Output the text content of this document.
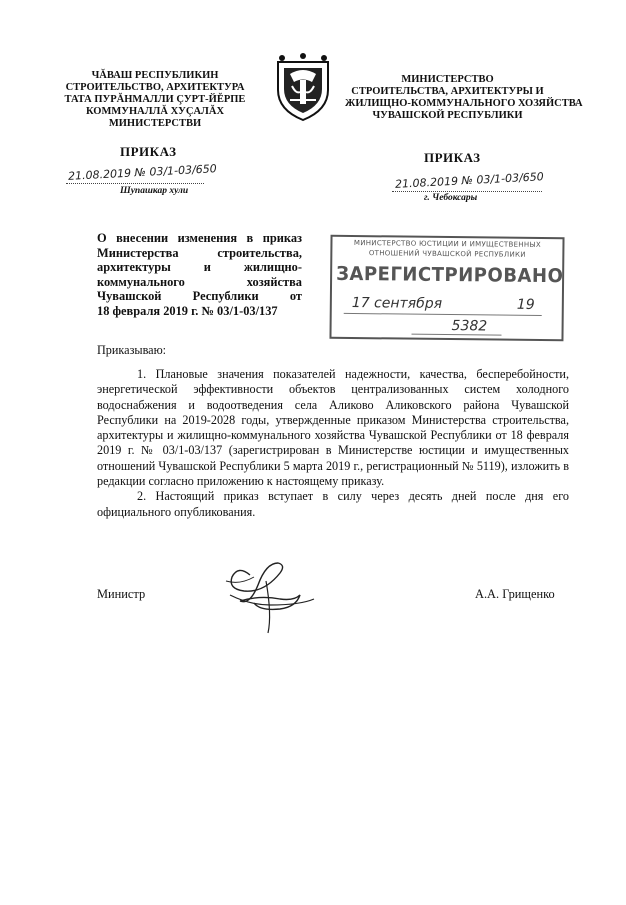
ЧĂВАШ РЕСПУБЛИКИН
СТРОИТЕЛЬСТВО, АРХИТЕКТУРА
ТАТА ПУРĂНМАЛЛИ ÇУРТ-ЙĔРПЕ
КОММУНАЛЛĂ ХУÇАЛĂХ
МИНИСТЕРСТВИ
МИНИСТЕРСТВО
СТРОИТЕЛЬСТВА, АРХИТЕКТУРЫ И
ЖИЛИЩНО-КОММУНАЛЬНОГО ХОЗЯЙСТВА
ЧУВАШСКОЙ РЕСПУБЛИКИ
ПРИКАЗ	ПРИКАЗ
21.08.2019 № 03/1-03/650	21.08.2019 № 03/1-03/650
Шупашкар хули
г. Чебоксары
О внесении изменения в приказ
Министерства строительства,
архитектуры и жилищно-
коммунального хозяйства
Чувашской Республики от
18 февраля 2019 г. № 03/1-03/137
МИНИСТЕРСТВО ЮСТИЦИИ И ИМУЩЕСТВЕННЫХ
ОТНОШЕНИЙ ЧУВАШСКОЙ РЕСПУБЛИКИ
ЗАРЕГИСТРИРОВАНО
17 сентября	19
5382
Приказываю:

1. Плановые значения показателей надежности, качества, бесперебойности, энергетической эффективности объектов централизованных систем холодного водоснабжения и водоотведения села Аликово Аликовского района Чувашской Республики на 2019-2028 годы, утвержденные приказом Министерства строительства, архитектуры и жилищно-коммунального хозяйства Чувашской Республики от 18 февраля 2019 г. № 03/1-03/137 (зарегистрирован в Министерстве юстиции и имущественных отношений Чувашской Республики 5 марта 2019 г., регистрационный № 5119), изложить в редакции согласно приложению к настоящему приказу.

2. Настоящий приказ вступает в силу через десять дней после дня его официального опубликования.

Министр	А.А. Грищенко
